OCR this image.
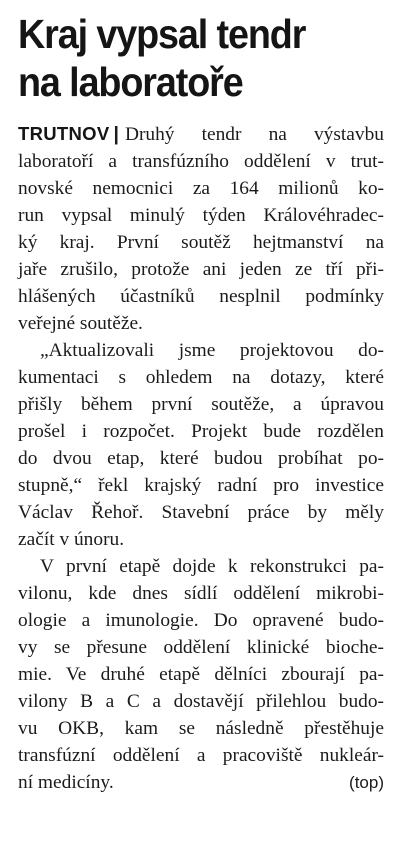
Kraj vypsal tendr
na laboratoře
TRUTNOV | Druhý tendr na výstavbu
laboratoří a transfúzního oddělení v trut-
novské nemocnici za 164 milionů ko-
run vypsal minulý týden Královéhradec-
ký kraj. První soutěž hejtmanství na
jaře zrušilo, protože ani jeden ze tří při-
hlášených účastníků nesplnil podmínky
veřejné soutěže.
„Aktualizovali jsme projektovou do-
kumentaci s ohledem na dotazy, které
přišly během první soutěže, a úpravou
prošel i rozpočet. Projekt bude rozdělen
do dvou etap, které budou probíhat po-
stupně,“ řekl krajský radní pro investice
Václav Řehoř. Stavební práce by měly
začít v únoru.
V první etapě dojde k rekonstrukci pa-
vilonu, kde dnes sídlí oddělení mikrobi-
ologie a imunologie. Do opravené budo-
vy se přesune oddělení klinické bioche-
mie. Ve druhé etapě dělníci zbourají pa-
vilony B a C a dostavějí přilehlou budo-
vu OKB, kam se následně přestěhuje
transfúzní oddělení a pracoviště nukleár-
ní medicíny.	(top)
